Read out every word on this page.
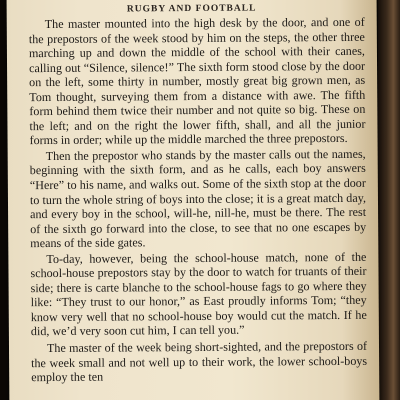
RUGBY AND FOOTBALL

The master mounted into the high desk by the door, and one of the prepostors of the week stood by him on the steps, the other three marching up and down the middle of the school with their canes, calling out “Silence, silence!” The sixth form stood close by the door on the left, some thirty in number, mostly great big grown men, as Tom thought, surveying them from a distance with awe. The fifth form behind them twice their number and not quite so big. These on the left; and on the right the lower fifth, shall, and all the junior forms in order; while up the middle marched the three prepostors.

Then the prepostor who stands by the master calls out the names, beginning with the sixth form, and as he calls, each boy answers “Here” to his name, and walks out. Some of the sixth stop at the door to turn the whole string of boys into the close; it is a great match day, and every boy in the school, will-he, nill-he, must be there. The rest of the sixth go forward into the close, to see that no one escapes by means of the side gates.

To-day, however, being the school-house match, none of the school-house prepostors stay by the door to watch for truants of their side; there is carte blanche to the school-house fags to go where they like: “They trust to our honor,” as East proudly informs Tom; “they know very well that no school-house boy would cut the match. If he did, we’d very soon cut him, I can tell you.”

The master of the week being short-sighted, and the prepostors of the week small and not well up to their work, the lower school-boys employ the ten
